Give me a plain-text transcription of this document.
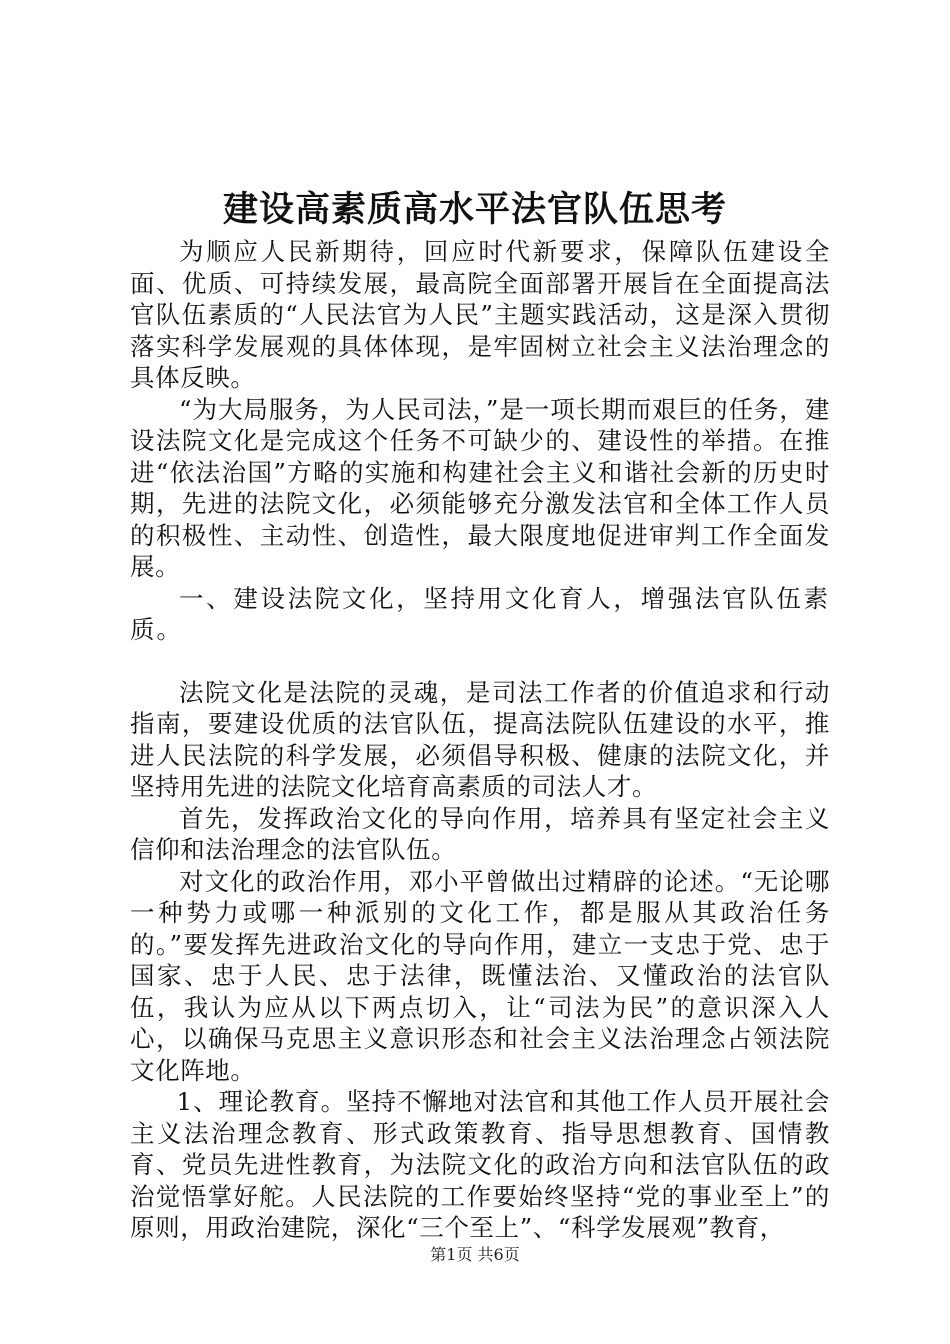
建设高素质高水平法官队伍思考

为顺应人民新期待，回应时代新要求，保障队伍建设全面、优质、可持续发展，最高院全面部署开展旨在全面提高法官队伍素质的“人民法官为人民”主题实践活动，这是深入贯彻落实科学发展观的具体体现，是牢固树立社会主义法治理念的具体反映。

“为大局服务，为人民司法，”是一项长期而艰巨的任务，建设法院文化是完成这个任务不可缺少的、建设性的举措。在推进“依法治国”方略的实施和构建社会主义和谐社会新的历史时期，先进的法院文化，必须能够充分激发法官和全体工作人员的积极性、主动性、创造性，最大限度地促进审判工作全面发展。

一、建设法院文化，坚持用文化育人，增强法官队伍素质。

法院文化是法院的灵魂，是司法工作者的价值追求和行动指南，要建设优质的法官队伍，提高法院队伍建设的水平，推进人民法院的科学发展，必须倡导积极、健康的法院文化，并坚持用先进的法院文化培育高素质的司法人才。

首先，发挥政治文化的导向作用，培养具有坚定社会主义信仰和法治理念的法官队伍。

对文化的政治作用，邓小平曾做出过精辟的论述。“无论哪一种势力或哪一种派别的文化工作，都是服从其政治任务的。”要发挥先进政治文化的导向作用，建立一支忠于党、忠于国家、忠于人民、忠于法律，既懂法治、又懂政治的法官队伍，我认为应从以下两点切入，让“司法为民”的意识深入人心，以确保马克思主义意识形态和社会主义法治理念占领法院文化阵地。

1、理论教育。坚持不懈地对法官和其他工作人员开展社会主义法治理念教育、形式政策教育、指导思想教育、国情教育、党员先进性教育，为法院文化的政治方向和法官队伍的政治觉悟掌好舵。人民法院的工作要始终坚持“党的事业至上”的原则，用政治建院，深化“三个至上”、“科学发展观”教育，

第1页 共6页
